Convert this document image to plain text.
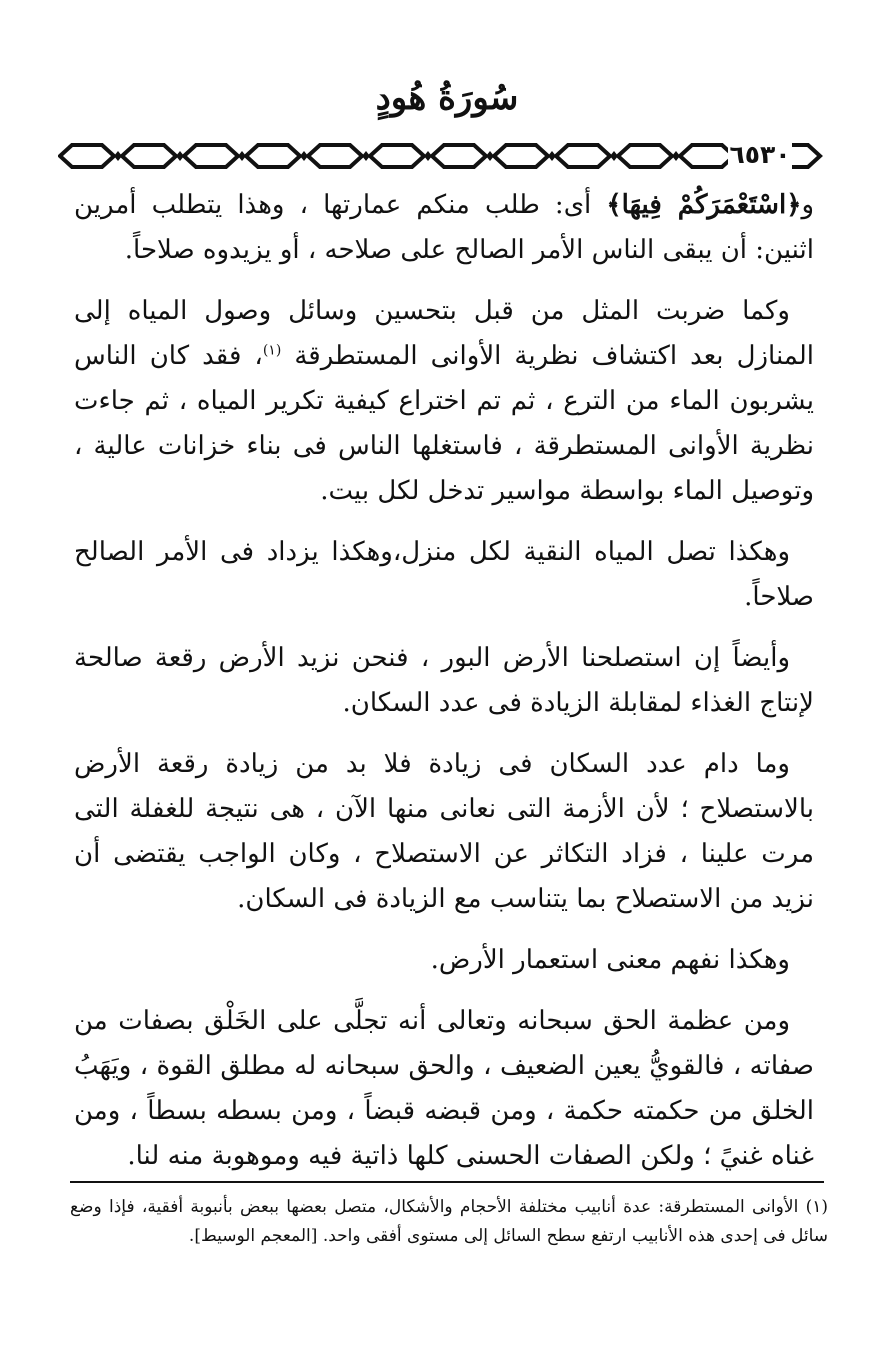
سُورَةُ هُودٍ
٦٥٣٠

و﴿اسْتَعْمَرَكُمْ فِيهَا﴾ أى: طلب منكم عمارتها ، وهذا يتطلب أمرين اثنين: أن يبقى الناس الأمر الصالح على صلاحه ، أو يزيدوه صلاحاً.

وكما ضربت المثل من قبل بتحسين وسائل وصول المياه إلى المنازل بعد اكتشاف نظرية الأوانى المستطرقة $^{(١)}$، فقد كان الناس يشربون الماء من الترع ، ثم تم اختراع كيفية تكرير المياه ، ثم جاءت نظرية الأوانى المستطرقة ، فاستغلها الناس فى بناء خزانات عالية ، وتوصيل الماء بواسطة مواسير تدخل لكل بيت.

وهكذا تصل المياه النقية لكل منزل،وهكذا يزداد فى الأمر الصالح صلاحاً.

وأيضاً إن استصلحنا الأرض البور ، فنحن نزيد الأرض رقعة صالحة لإنتاج الغذاء لمقابلة الزيادة فى عدد السكان.

وما دام عدد السكان فى زيادة فلا بد من زيادة رقعة الأرض بالاستصلاح ؛ لأن الأزمة التى نعانى منها الآن ، هى نتيجة للغفلة التى مرت علينا ، فزاد التكاثر عن الاستصلاح ، وكان الواجب يقتضى أن نزيد من الاستصلاح بما يتناسب مع الزيادة فى السكان.

وهكذا نفهم معنى استعمار الأرض.

ومن عظمة الحق سبحانه وتعالى أنه تجلَّى على الخَلْق بصفات من صفاته ، فالقويُّ يعين الضعيف ، والحق سبحانه له مطلق القوة ، ويَهَبُ الخلق من حكمته حكمة ، ومن قبضه قبضاً ، ومن بسطه بسطاً ، ومن غناه غنيً ؛ ولكن الصفات الحسنى كلها ذاتية فيه وموهوبة منه لنا.

(١) الأوانى المستطرقة: عدة أنابيب مختلفة الأحجام والأشكال، متصل بعضها ببعض بأنبوبة أفقية، فإذا وضع سائل فى إحدى هذه الأنابيب ارتفع سطح السائل إلى مستوى أفقى واحد. [المعجم الوسيط].
